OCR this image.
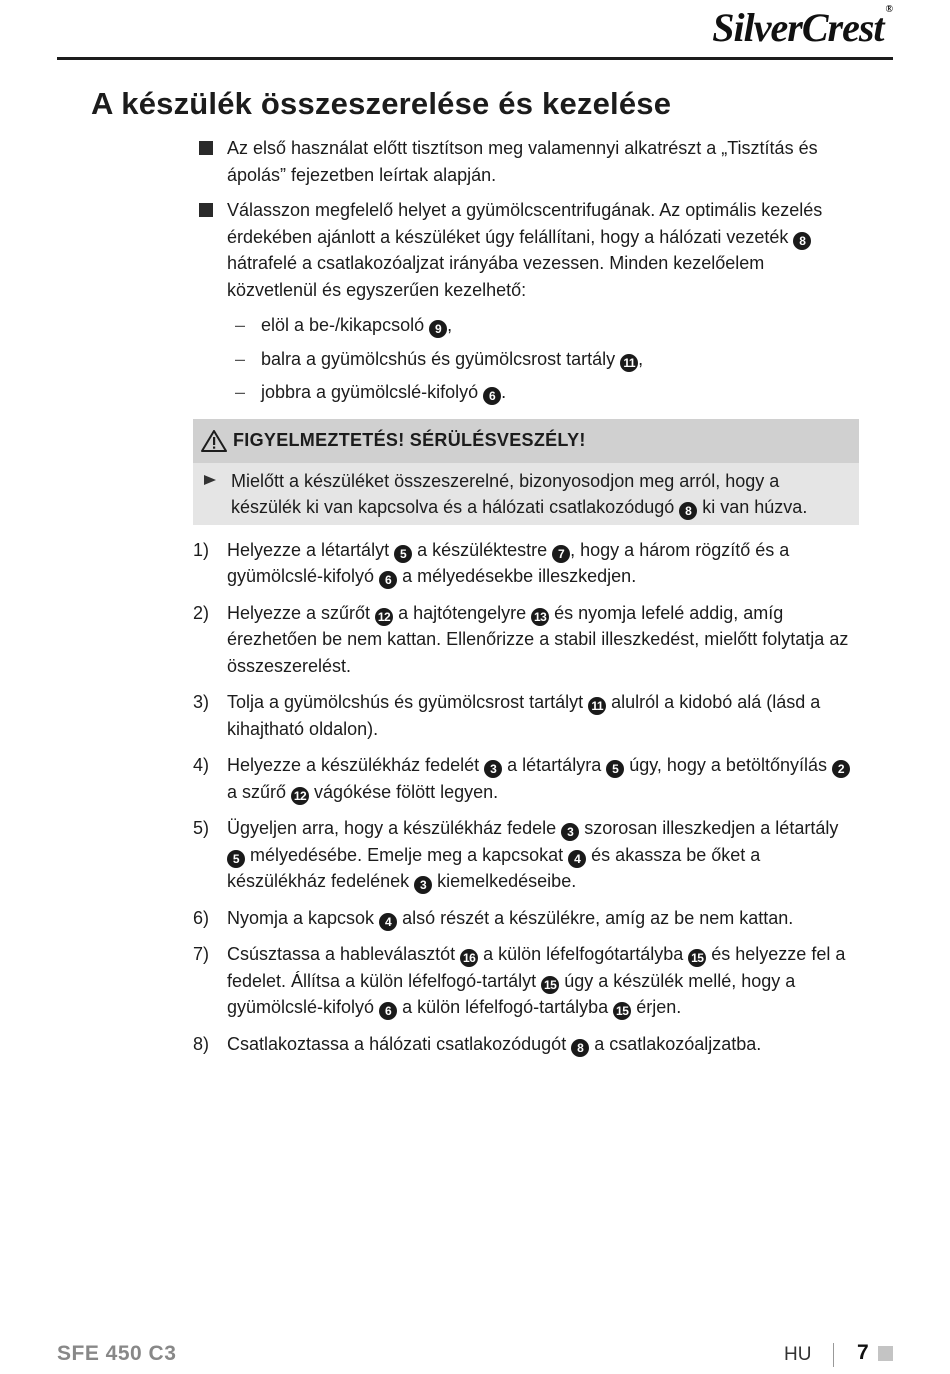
SilverCrest ®
A készülék összeszerelése és kezelése
Az első használat előtt tisztítson meg valamennyi alkatrészt a „Tisztítás és ápolás” fejezetben leírtak alapján.
Válasszon megfelelő helyet a gyümölcscentrifugának. Az optimális kezelés érdekében ajánlott a készüléket úgy felállítani, hogy a hálózati vezeték 8 hátrafelé a csatlakozóaljzat irányába vezessen. Minden kezelőelem közvetlenül és egyszerűen kezelhető:
– elöl a be-/kikapcsoló 9 ,
– balra a gyümölcshús és gyümölcsrost tartály 11 ,
– jobbra a gyümölcslé-kifolyó 6 .
FIGYELMEZTETÉS! SÉRÜLÉSVESZÉLY!
Mielőtt a készüléket összeszerelné, bizonyosodjon meg arról, hogy a készülék ki van kapcsolva és a hálózati csatlakozódugó 8 ki van húzva.
1) Helyezze a létartályt 5 a készüléktestre 7 , hogy a három rögzítő és a gyümölcslé-kifolyó 6 a mélyedésekbe illeszkedjen.
2) Helyezze a szűrőt 12 a hajtótengelyre 13 és nyomja lefelé addig, amíg érezhetően be nem kattan. Ellenőrizze a stabil illeszkedést, mielőtt folytatja az összeszerelést.
3) Tolja a gyümölcshús és gyümölcsrost tartályt 11 alulról a kidobó alá (lásd a kihajtható oldalon).
4) Helyezze a készülékház fedelét 3 a létartályra 5 úgy, hogy a betöltőnyílás 2 a szűrő 12 vágókése fölött legyen.
5) Ügyeljen arra, hogy a készülékház fedele 3 szorosan illeszkedjen a létartály 5 mélyedésébe. Emelje meg a kapcsokat 4 és akassza be őket a készülékház fedelének 3 kiemelkedéseibe.
6) Nyomja a kapcsok 4 alsó részét a készülékre, amíg az be nem kattan.
7) Csúsztassa a hableválasztót 16 a külön léfelfogótartályba 15 és helyezze fel a fedelet. Állítsa a külön léfelfogó-tartályt 15 úgy a készülék mellé, hogy a gyümölcslé-kifolyó 6 a külön léfelfogó-tartályba 15 érjen.
8) Csatlakoztassa a hálózati csatlakozódugót 8 a csatlakozóaljzatba.
SFE 450 C3	HU 7
